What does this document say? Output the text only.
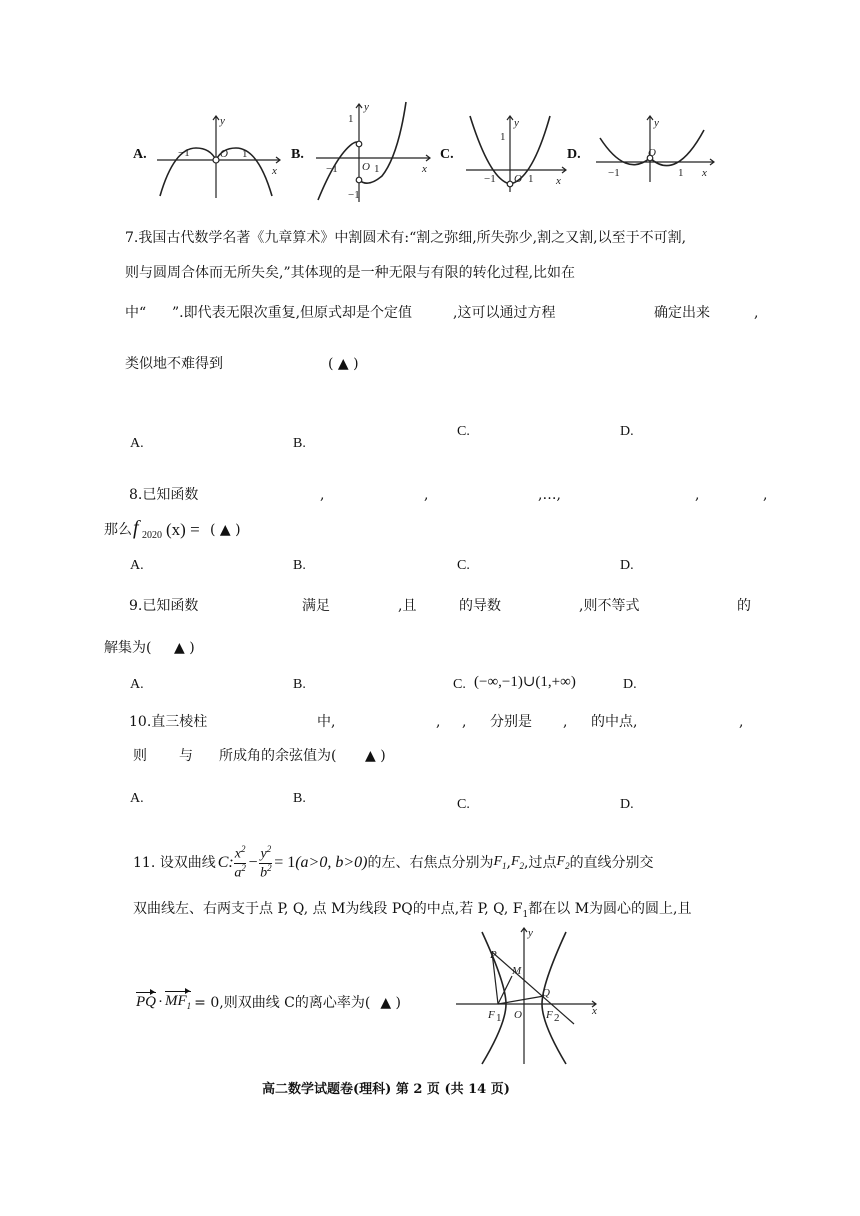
A.	−1	O 1
y
x
B.
1
−1
−1 O 1
y
x
C.
1
−1 O 1
y
x
D.
−1
O
1
y
x
7.我国古代数学名著《九章算术》中割圆术有:“割之弥细,所失弥少,割之又割,以至于不可割,
则与圆周合体而无所失矣,”其体现的是一种无限与有限的转化过程,比如在
中“ ”.即代表无限次重复,但原式却是个定值	,这可以通过方程	确定出来	,
类似地不难得到	( ▲ )
A.	B.
C.	D.
8.已知函数	,	,	,…,	,	,
那么 f 2020 (x) = ( ▲ )
A.	B.	C.	D.
9.已知函数	满足	,且	的导数	,则不等式	的
解集为( ▲ )
A.	B.	C. (−∞,−1)∪(1,+∞)	D.
10.直三棱柱	中,	, , 分别是 , 的中点,	,
则 与 所成角的余弦值为( ▲ )
A.	B.	C.	D.
11. 设双曲线 C: $\frac{x^2}{a^2} - \frac{y^2}{b^2} = 1$ (a>0, b>0) 的左、右焦点分别为 $F_1$ , $F_2$ ,过点 $F_2$ 的直线分别交
双曲线左、右两支于点 P, Q, 点 M为线段 PQ的中点,若 P, Q, $F_1$都在以 M为圆心的圆上,且
PQ · $MF_1 = 0$,则双曲线 C的离心率为( ▲ )
y
x
P
M
Q
F 1 O F 2
高二数学试题卷(理科) 第 2 页 (共 14 页)
